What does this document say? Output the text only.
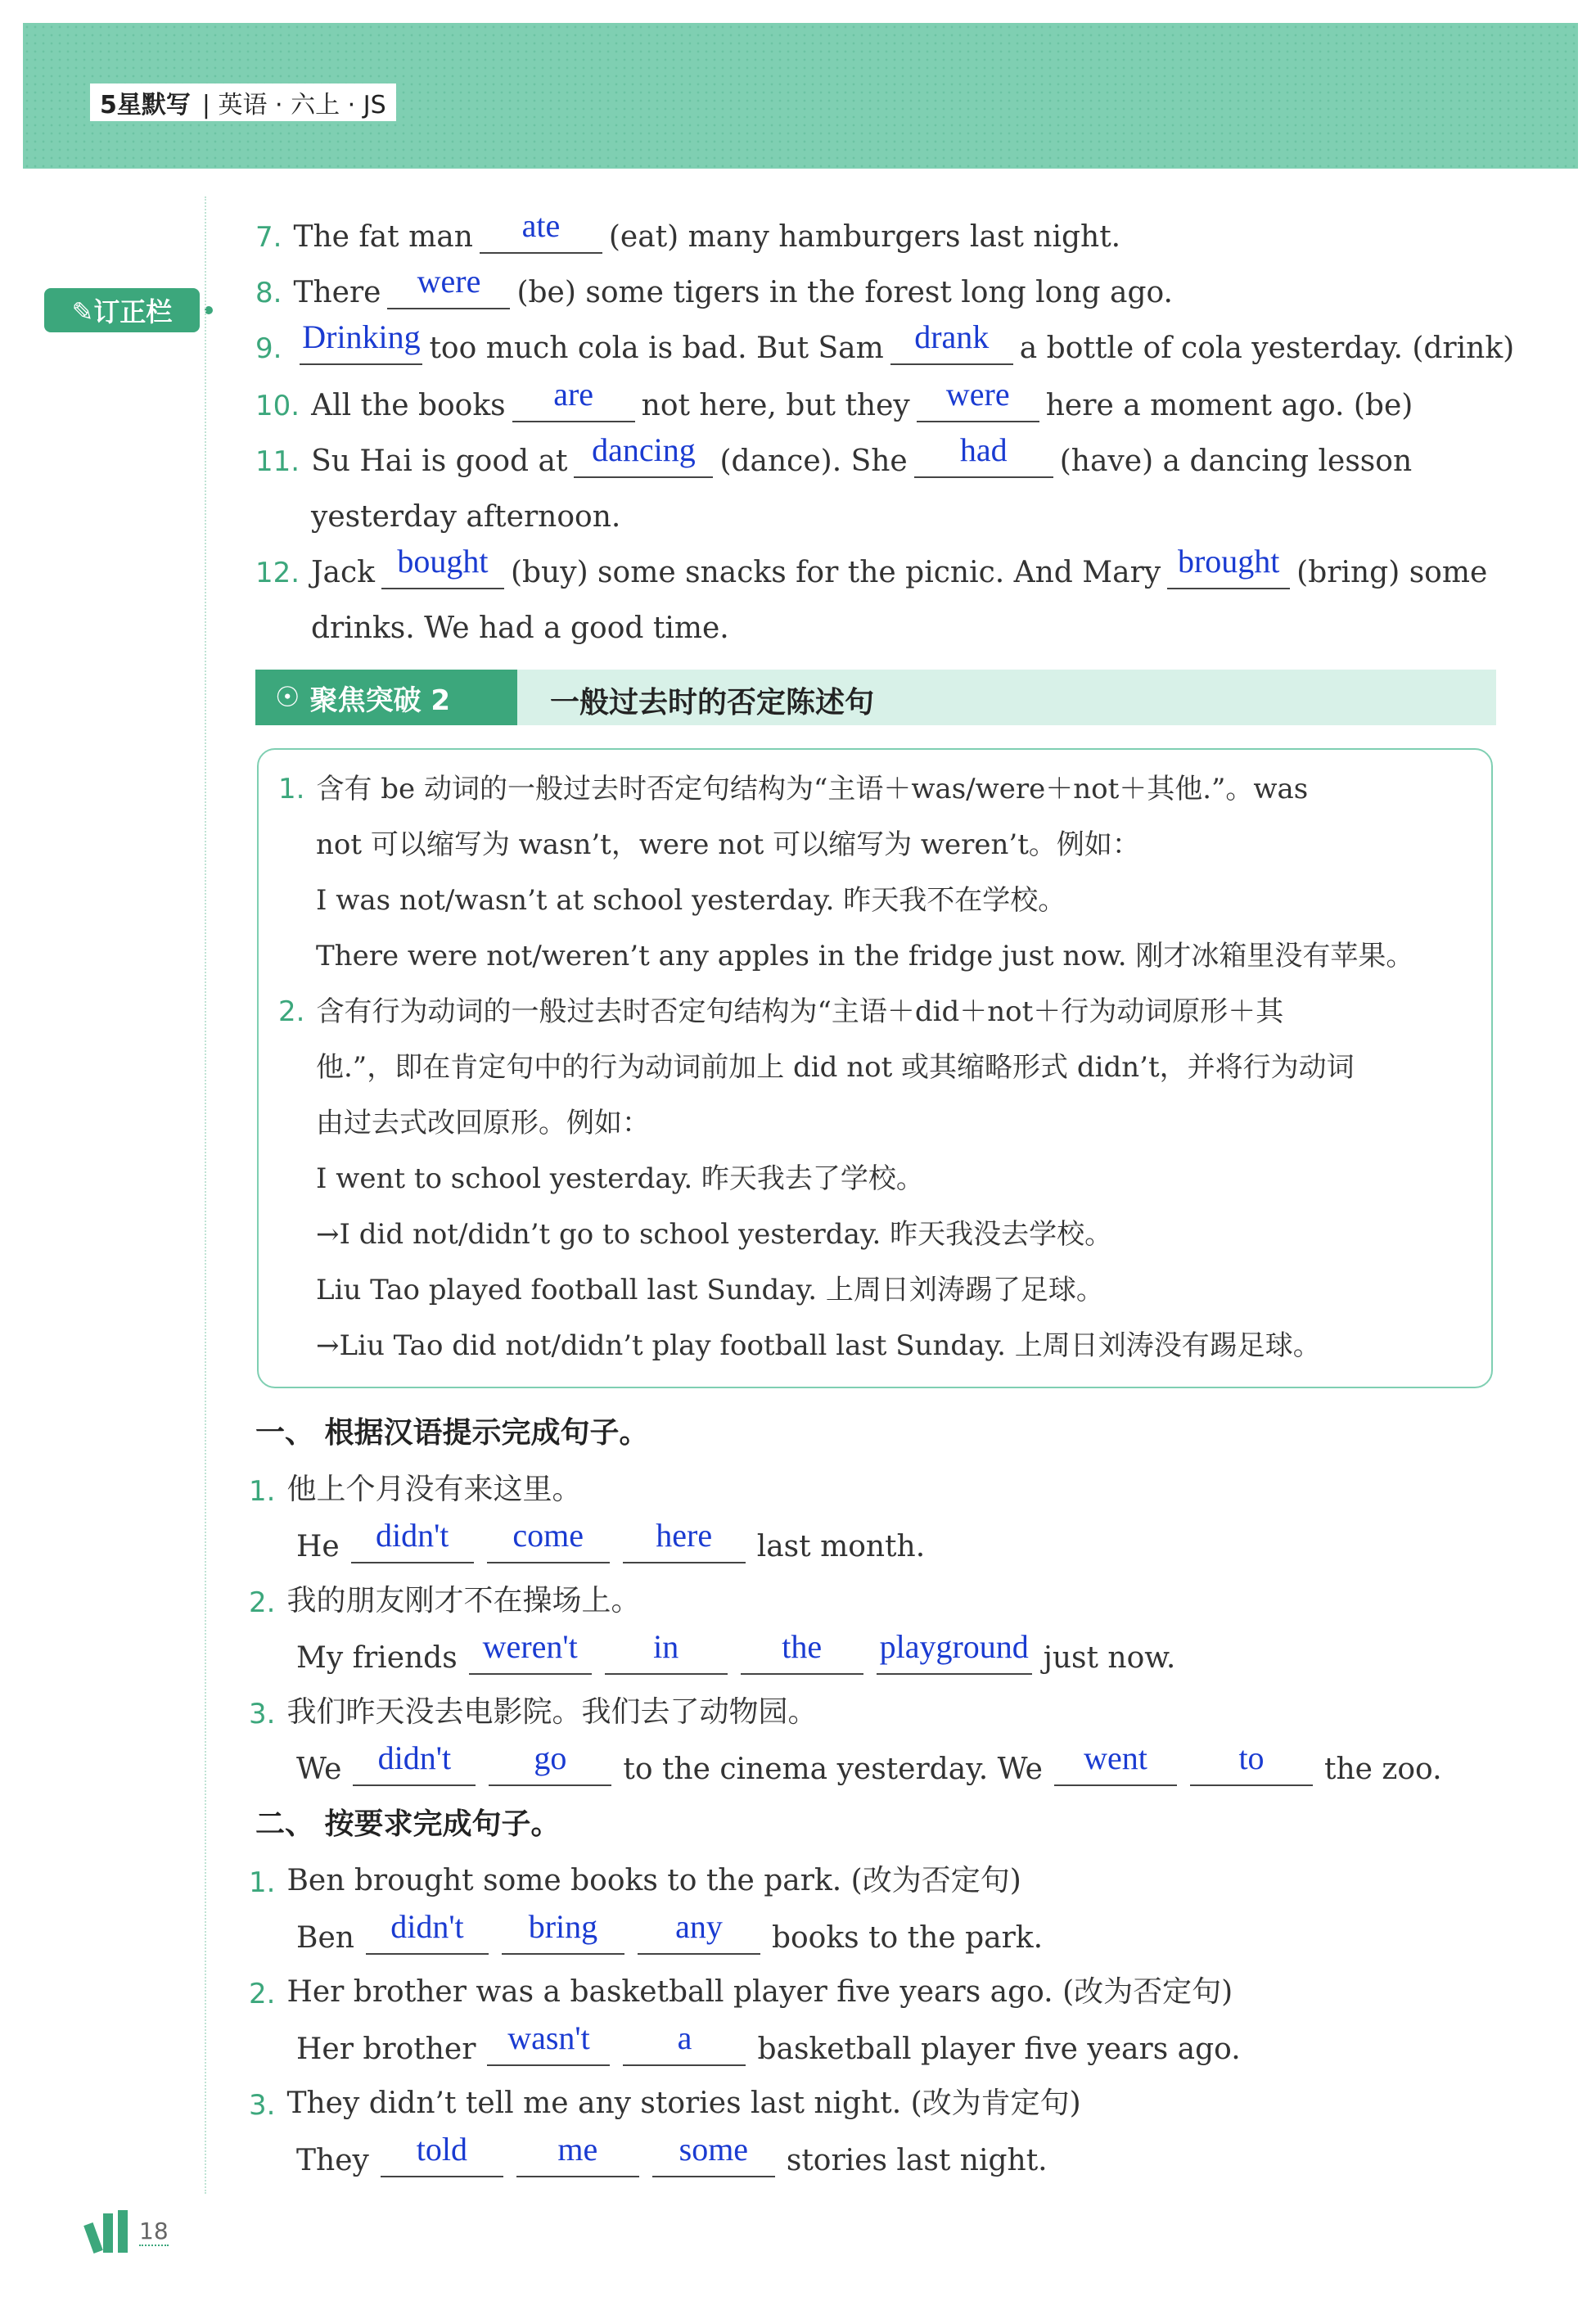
5星默写 | 英语 · 六上 · JS
✎订正栏
7. The fat man	ate	(eat) many hamburgers last night.
8. There	were	(be) some tigers in the forest long long ago.
9. Drinking too much cola is bad. But Sam drank	a bottle of cola yesterday. (drink)
10. All the books	are	not here, but they	were	here a moment ago. (be)
11. Su Hai is good at dancing (dance). She	had	(have) a dancing lesson
yesterday afternoon.
12. Jack bought (buy) some snacks for the picnic. And Mary brought (bring) some
drinks. We had a good time.
☉ 聚焦突破 2	一般过去时的否定陈述句
1. 含有 be 动词的一般过去时否定句结构为“主语＋was/were＋not＋其他.”。was
not 可以缩写为 wasn’t，were not 可以缩写为 weren’t。例如：
I was not/wasn’t at school yesterday. 昨天我不在学校。
There were not/weren’t any apples in the fridge just now. 刚才冰箱里没有苹果。
2. 含有行为动词的一般过去时否定句结构为“主语＋did＋not＋行为动词原形＋其
他.”，即在肯定句中的行为动词前加上 did not 或其缩略形式 didn’t，并将行为动词
由过去式改回原形。例如：
I went to school yesterday. 昨天我去了学校。
→I did not/didn’t go to school yesterday. 昨天我没去学校。
Liu Tao played football last Sunday. 上周日刘涛踢了足球。
→Liu Tao did not/didn’t play football last Sunday. 上周日刘涛没有踢足球。
一、 根据汉语提示完成句子。
1. 他上个月没有来这里。
He	didn't	come	here	last month.
2. 我的朋友刚才不在操场上。
My friends weren't	in	the	playground just now.
3. 我们昨天没去电影院。我们去了动物园。
We	didn't	go	to the cinema yesterday. We	went	to	the zoo.
二、 按要求完成句子。
1. Ben brought some books to the park. (改为否定句)
Ben	didn't	bring	any	books to the park.
2. Her brother was a basketball player five years ago. (改为否定句)
Her brother wasn't	a	basketball player five years ago.
3. They didn’t tell me any stories last night. (改为肯定句)
They	told	me	some	stories last night.
18
